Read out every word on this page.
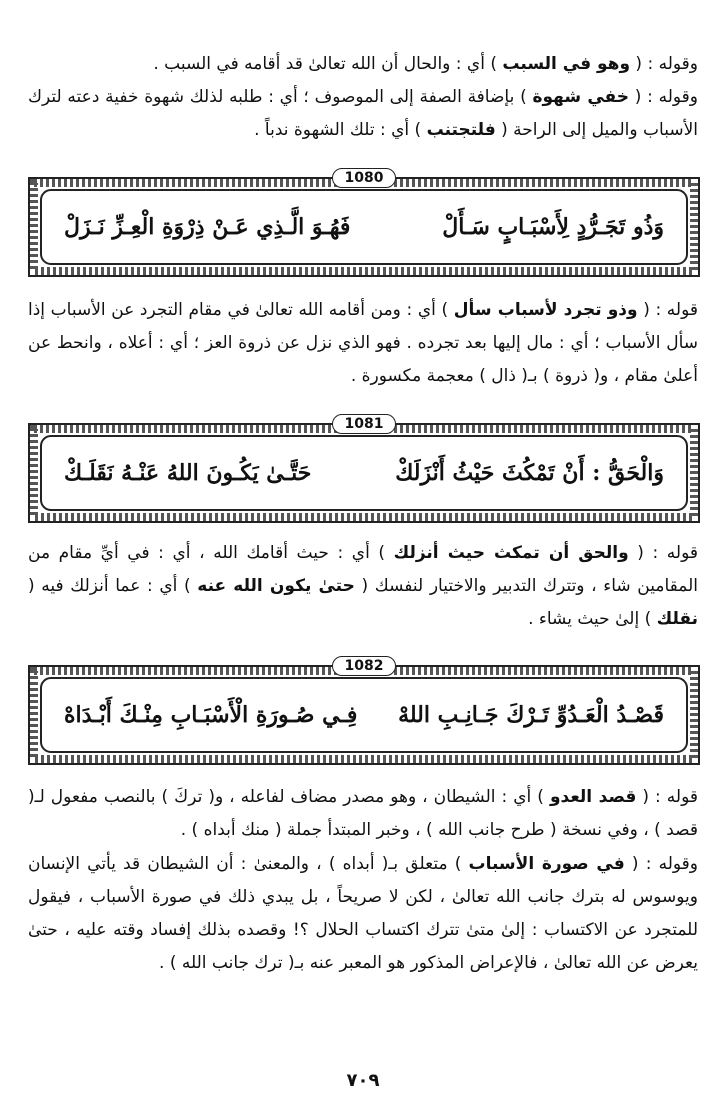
وقوله : ( وهو في السبب ) أي : والحال أن الله تعالىٰ قد أقامه في السبب .

وقوله : ( خفي شهوة ) بإضافة الصفة إلى الموصوف ؛ أي : طلبه لذلك شهوة خفية دعته لترك الأسباب والميل إلى الراحة ( فلتجتنب ) أي : تلك الشهوة ندباً .

1080
وَذُو تَجَـرُّدٍ لِأَسْبَـابٍ سَـأَلْ
فَهُـوَ الَّـذِي عَـنْ ذِرْوَةِ الْعِـزِّ نَـزَلْ

قوله : ( وذو تجرد لأسباب سأل ) أي : ومن أقامه الله تعالىٰ في مقام التجرد عن الأسباب إذا سأل الأسباب ؛ أي : مال إليها بعد تجرده . فهو الذي نزل عن ذروة العز ؛ أي : أعلاه ، وانحط عن أعلىٰ مقام ، و( ذروة ) بـ( ذال ) معجمة مكسورة .

1081
وَالْحَقُّ : أَنْ تَمْكُثَ حَيْثُ أَنْزَلَكْ
حَتَّـىٰ يَكُـونَ اللهُ عَنْـهُ نَقَلَـكْ

قوله : ( والحق أن تمكث حيث أنزلك ) أي : حيث أقامك الله ، أي : في أيِّ مقام من المقامين شاء ، وتترك التدبير والاختيار لنفسك ( حتىٰ يكون الله عنه ) أي : عما أنزلك فيه ( نقلك ) إلىٰ حيث يشاء .

1082
قَصْـدُ الْعَـدُوِّ تَـرْكَ جَـانِـبِ اللهْ
فِـي صُـورَةِ الْأَسْبَـابِ مِنْـكَ أَبْـدَاهْ

قوله : ( قصد العدو ) أي : الشيطان ، وهو مصدر مضاف لفاعله ، و( تركَ ) بالنصب مفعول لـ( قصد ) ، وفي نسخة ( طرح جانب الله ) ، وخبر المبتدأ جملة ( منك أبداه ) .

وقوله : ( في صورة الأسباب ) متعلق بـ( أبداه ) ، والمعنىٰ : أن الشيطان قد يأتي الإنسان ويوسوس له بترك جانب الله تعالىٰ ، لكن لا صريحاً ، بل يبدي ذلك في صورة الأسباب ، فيقول للمتجرد عن الاكتساب : إلىٰ متىٰ تترك اكتساب الحلال ؟! وقصده بذلك إفساد وقته عليه ، حتىٰ يعرض عن الله تعالىٰ ، فالإعراض المذكور هو المعبر عنه بـ( ترك جانب الله ) .

٧٠٩
